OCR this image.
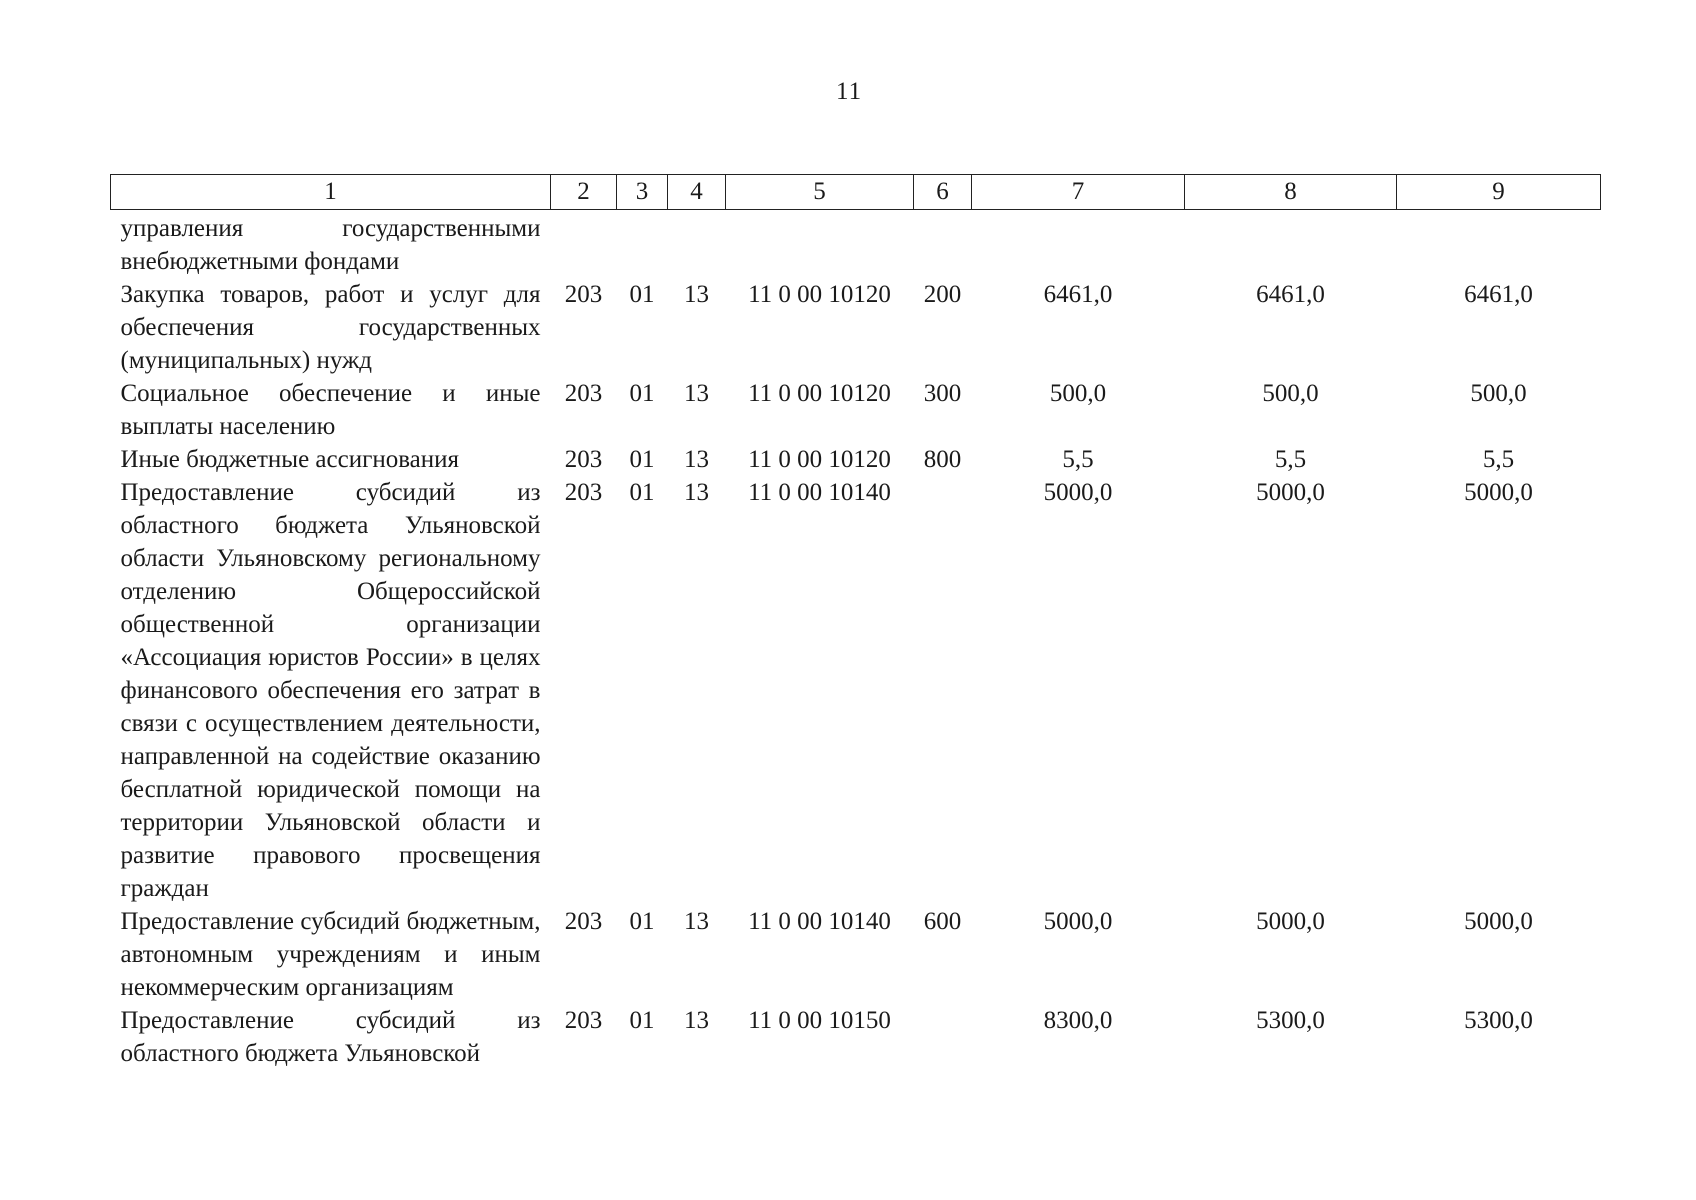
11
1	2	3	4	5	6	7	8	9
управления государственными внебюджетными фондами								
Закупка товаров, работ и услуг для обеспечения государственных (муниципальных) нужд	203	01	13	11 0 00 10120	200	6461,0	6461,0	6461,0
Социальное обеспечение и иные выплаты населению	203	01	13	11 0 00 10120	300	500,0	500,0	500,0
Иные бюджетные ассигнования	203	01	13	11 0 00 10120	800	5,5	5,5	5,5
Предоставление субсидий из областного бюджета Ульяновской области Ульяновскому региональному отделению Общероссийской общественной организации «Ассоциация юристов России» в целях финансового обеспечения его затрат в связи с осуществлением деятельности, направленной на содействие оказанию бесплатной юридической помощи на территории Ульяновской области и развитие правового просвещения граждан	203	01	13	11 0 00 10140		5000,0	5000,0	5000,0
Предоставление субсидий бюджетным, автономным учреждениям и иным некоммерческим организациям	203	01	13	11 0 00 10140	600	5000,0	5000,0	5000,0
Предоставление субсидий из областного бюджета Ульяновской	203	01	13	11 0 00 10150		8300,0	5300,0	5300,0
